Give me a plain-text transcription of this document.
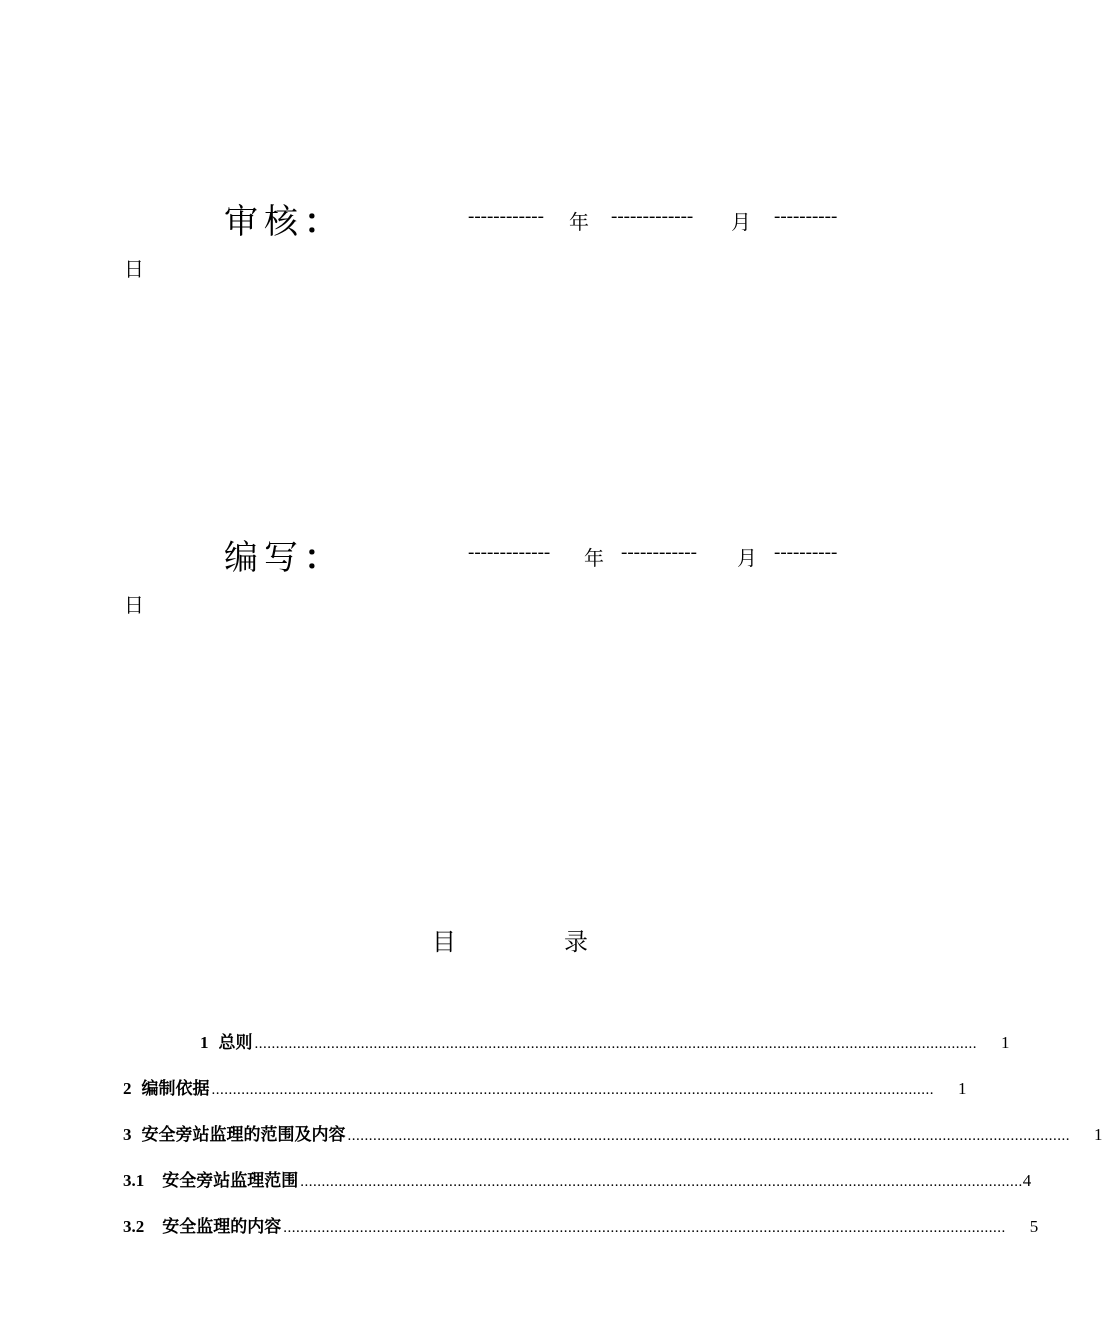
审核：	------------ 年 ------------- 月 ----------
日
编写：	------------- 年 ------------ 月 ----------
日
目	录
1 总则 .......................................................................................................................................................................... 1
2 编制依据 .......................................................................................................................................................................... 1
3 安全旁站监理的范围及内容 .......................................................................................................................................................................... 1
3.1 安全旁站监理范围 .......................................................................................................................................................................... 4
3.2 安全监理的内容 .......................................................................................................................................................................... 5
